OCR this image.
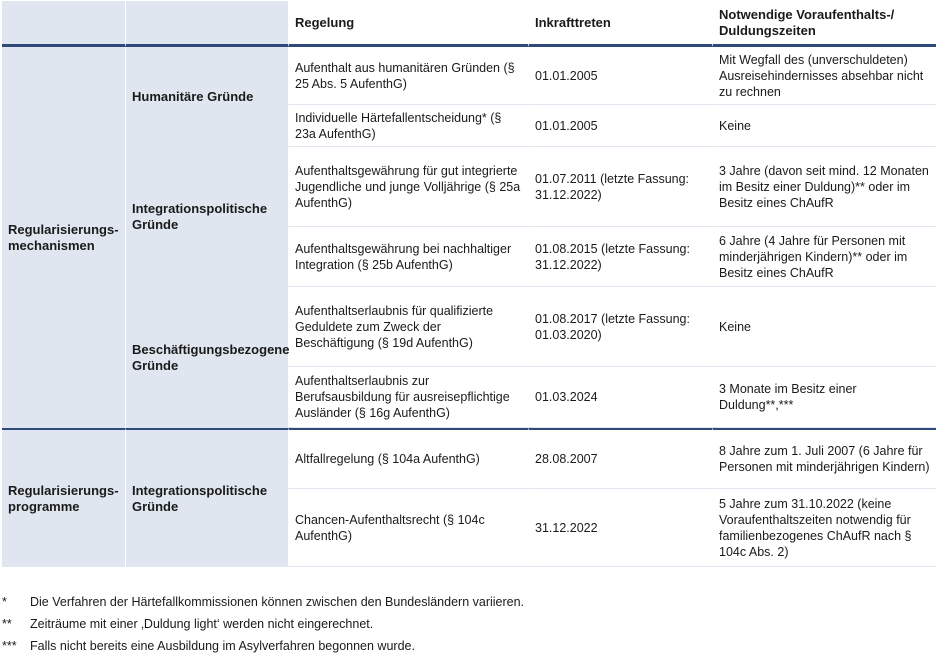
		Regelung	Inkrafttreten	Notwendige Voraufenthalts-/ Duldungszeiten
Regularisierungs-mechanismen	Humanitäre Gründe	Aufenthalt aus humanitären Gründen (§ 25 Abs. 5 AufenthG)	01.01.2005	Mit Wegfall des (unverschuldeten) Ausreisehindernisses absehbar nicht zu rechnen
		Individuelle Härtefallentscheidung* (§ 23a AufenthG)	01.01.2005	Keine
	Integrationspolitische Gründe	Aufenthaltsgewährung für gut integrierte Jugendliche und junge Volljährige (§ 25a AufenthG)	01.07.2011 (letzte Fassung: 31.12.2022)	3 Jahre (davon seit mind. 12 Monaten im Besitz einer Duldung)** oder im Besitz eines ChAufR
		Aufenthaltsgewährung bei nachhaltiger Integration (§ 25b AufenthG)	01.08.2015 (letzte Fassung: 31.12.2022)	6 Jahre (4 Jahre für Personen mit minderjährigen Kindern)** oder im Besitz eines ChAufR
	Beschäftigungsbezogene Gründe	Aufenthaltserlaubnis für qualifizierte Geduldete zum Zweck der Beschäftigung (§ 19d AufenthG)	01.08.2017 (letzte Fassung: 01.03.2020)	Keine
		Aufenthaltserlaubnis zur Berufsausbildung für ausreisepflichtige Ausländer (§ 16g AufenthG)	01.03.2024	3 Monate im Besitz einer Duldung**,***
Regularisierungs-programme	Integrationspolitische Gründe	Altfallregelung (§ 104a AufenthG)	28.08.2007	8 Jahre zum 1. Juli 2007 (6 Jahre für Personen mit minderjährigen Kindern)
		Chancen-Aufenthaltsrecht (§ 104c AufenthG)	31.12.2022	5 Jahre zum 31.10.2022 (keine Voraufenthaltszeiten notwendig für familienbezogenes ChAufR nach § 104c Abs. 2)
*	Die Verfahren der Härtefallkommissionen können zwischen den Bundesländern variieren.
**	Zeiträume mit einer ‚Duldung light‘ werden nicht eingerechnet.
***	Falls nicht bereits eine Ausbildung im Asylverfahren begonnen wurde.
